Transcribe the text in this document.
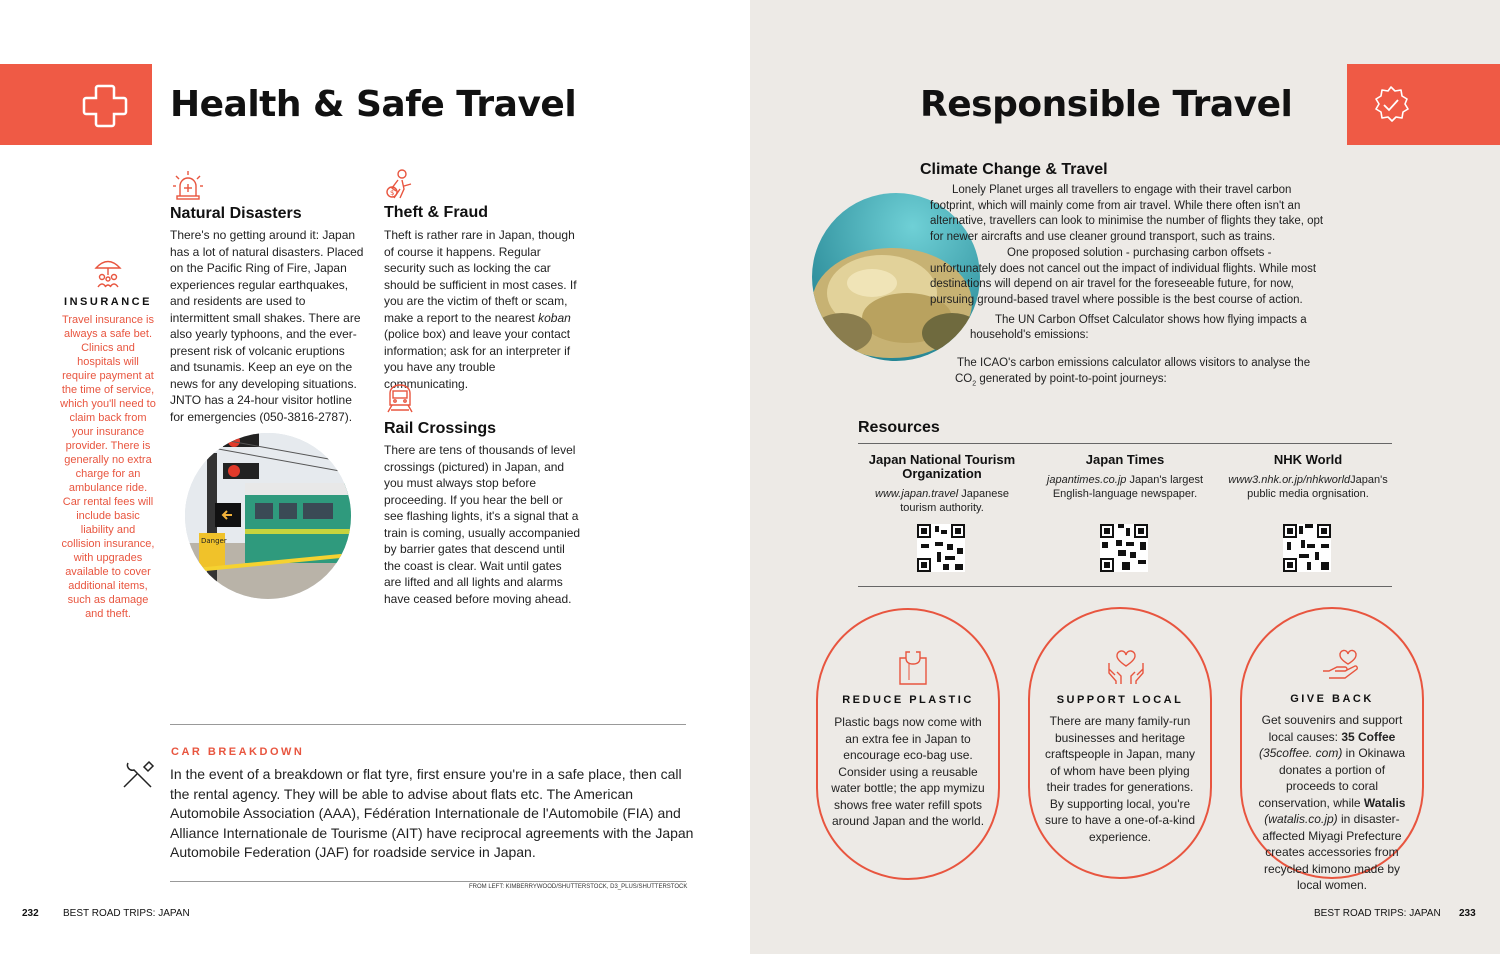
Health & Safe Travel
INSURANCE
Travel insurance is always a safe bet. Clinics and hospitals will require payment at the time of service, which you'll need to claim back from your insurance provider. There is generally no extra charge for an ambulance ride. Car rental fees will include basic liability and collision insurance, with upgrades available to cover additional items, such as damage and theft.
Natural Disasters
There's no getting around it: Japan has a lot of natural disasters. Placed on the Pacific Ring of Fire, Japan experiences regular earthquakes, and residents are used to intermittent small shakes. There are also yearly typhoons, and the ever-present risk of volcanic eruptions and tsunamis. Keep an eye on the news for any developing situations. JNTO has a 24-hour visitor hotline for emergencies (050-3816-2787).
$
Theft & Fraud
Theft is rather rare in Japan, though of course it happens. Regular security such as locking the car should be sufficient in most cases. If you are the victim of theft or scam, make a report to the nearest koban (police box) and leave your contact information; ask for an interpreter if you have any trouble communicating.
Rail Crossings
There are tens of thousands of level crossings (pictured) in Japan, and you must always stop before proceeding. If you hear the bell or see flashing lights, it's a signal that a train is coming, usually accompanied by barrier gates that descend until the coast is clear. Wait until gates are lifted and all lights and alarms have ceased before moving ahead.
Danger
CAR BREAKDOWN
In the event of a breakdown or flat tyre, first ensure you're in a safe place, then call the rental agency. They will be able to advise about flats etc. The American Automobile Association (AAA), Fédération Internationale de l'Automobile (FIA) and Alliance Internationale de Tourisme (AIT) have reciprocal agreements with the Japan Automobile Federation (JAF) for roadside service in Japan.
FROM LEFT: KIMBERRYWOOD/SHUTTERSTOCK, D3_PLUS/SHUTTERSTOCK
232 BEST ROAD TRIPS: JAPAN
Responsible Travel
Climate Change & Travel
Lonely Planet urges all travellers to engage with their travel carbon footprint, which will mainly come from air travel. While there often isn't an alternative, travellers can look to minimise the number of flights they take, opt for newer aircrafts and use cleaner ground transport, such as trains.
One proposed solution - purchasing carbon offsets - unfortunately does not cancel out the impact of individual flights. While most destinations will depend on air travel for the foreseeable future, for now, pursuing ground-based travel where possible is the best course of action.
The UN Carbon Offset Calculator shows how flying impacts a household's emissions:
The ICAO's carbon emissions calculator allows visitors to analyse the $CO_2$ generated by point-to-point journeys:
Resources
Japan National Tourism Organization
www.japan.travel Japanese tourism authority.
Japan Times
japantimes.co.jp Japan's largest English-language newspaper.
NHK World
www3.nhk.or.jp/nhkworldJapan's public media orgnisation.
REDUCE PLASTIC
Plastic bags now come with an extra fee in Japan to encourage eco-bag use. Consider using a reusable water bottle; the app mymizu shows free water refill spots around Japan and the world.
SUPPORT LOCAL
There are many family-run businesses and heritage craftspeople in Japan, many of whom have been plying their trades for generations. By supporting local, you're sure to have a one-of-a-kind experience.
GIVE BACK
Get souvenirs and support local causes: 35 Coffee (35coffee. com) in Okinawa donates a portion of proceeds to coral conservation, while Watalis (watalis.co.jp) in disaster-affected Miyagi Prefecture creates accessories from recycled kimono made by local women.
BEST ROAD TRIPS: JAPAN 233
